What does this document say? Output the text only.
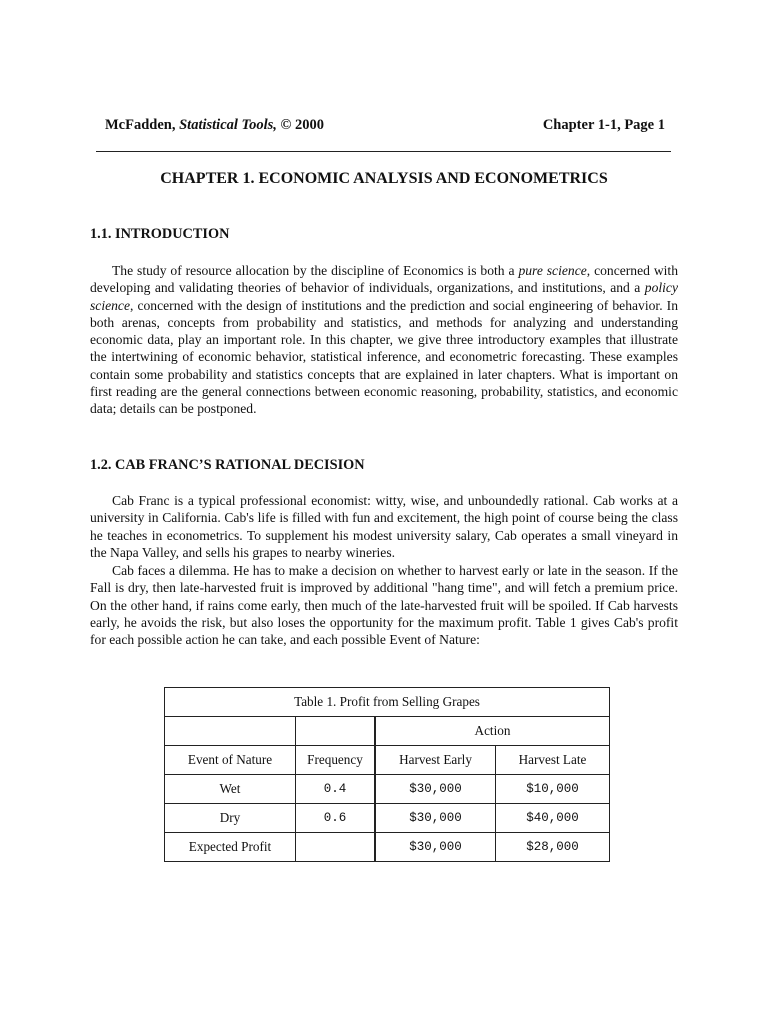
McFadden, Statistical Tools, © 2000	Chapter 1-1, Page 1
CHAPTER 1. ECONOMIC ANALYSIS AND ECONOMETRICS
1.1. INTRODUCTION

The study of resource allocation by the discipline of Economics is both a pure science, concerned with developing and validating theories of behavior of individuals, organizations, and institutions, and a policy science, concerned with the design of institutions and the prediction and social engineering of behavior. In both arenas, concepts from probability and statistics, and methods for analyzing and understanding economic data, play an important role. In this chapter, we give three introductory examples that illustrate the intertwining of economic behavior, statistical inference, and econometric forecasting. These examples contain some probability and statistics concepts that are explained in later chapters. What is important on first reading are the general connections between economic reasoning, probability, statistics, and economic data; details can be postponed.

1.2. CAB FRANC’S RATIONAL DECISION

Cab Franc is a typical professional economist: witty, wise, and unboundedly rational. Cab works at a university in California. Cab's life is filled with fun and excitement, the high point of course being the class he teaches in econometrics. To supplement his modest university salary, Cab operates a small vineyard in the Napa Valley, and sells his grapes to nearby wineries.

Cab faces a dilemma. He has to make a decision on whether to harvest early or late in the season. If the Fall is dry, then late-harvested fruit is improved by additional "hang time", and will fetch a premium price. On the other hand, if rains come early, then much of the late-harvested fruit will be spoiled. If Cab harvests early, he avoids the risk, but also loses the opportunity for the maximum profit. Table 1 gives Cab's profit for each possible action he can take, and each possible Event of Nature:

Table 1. Profit from Selling Grapes			
		Action	
Event of Nature	Frequency	Harvest Early	Harvest Late
Wet	0.4	$30,000	$10,000
Dry	0.6	$30,000	$40,000
Expected Profit		$30,000	$28,000
